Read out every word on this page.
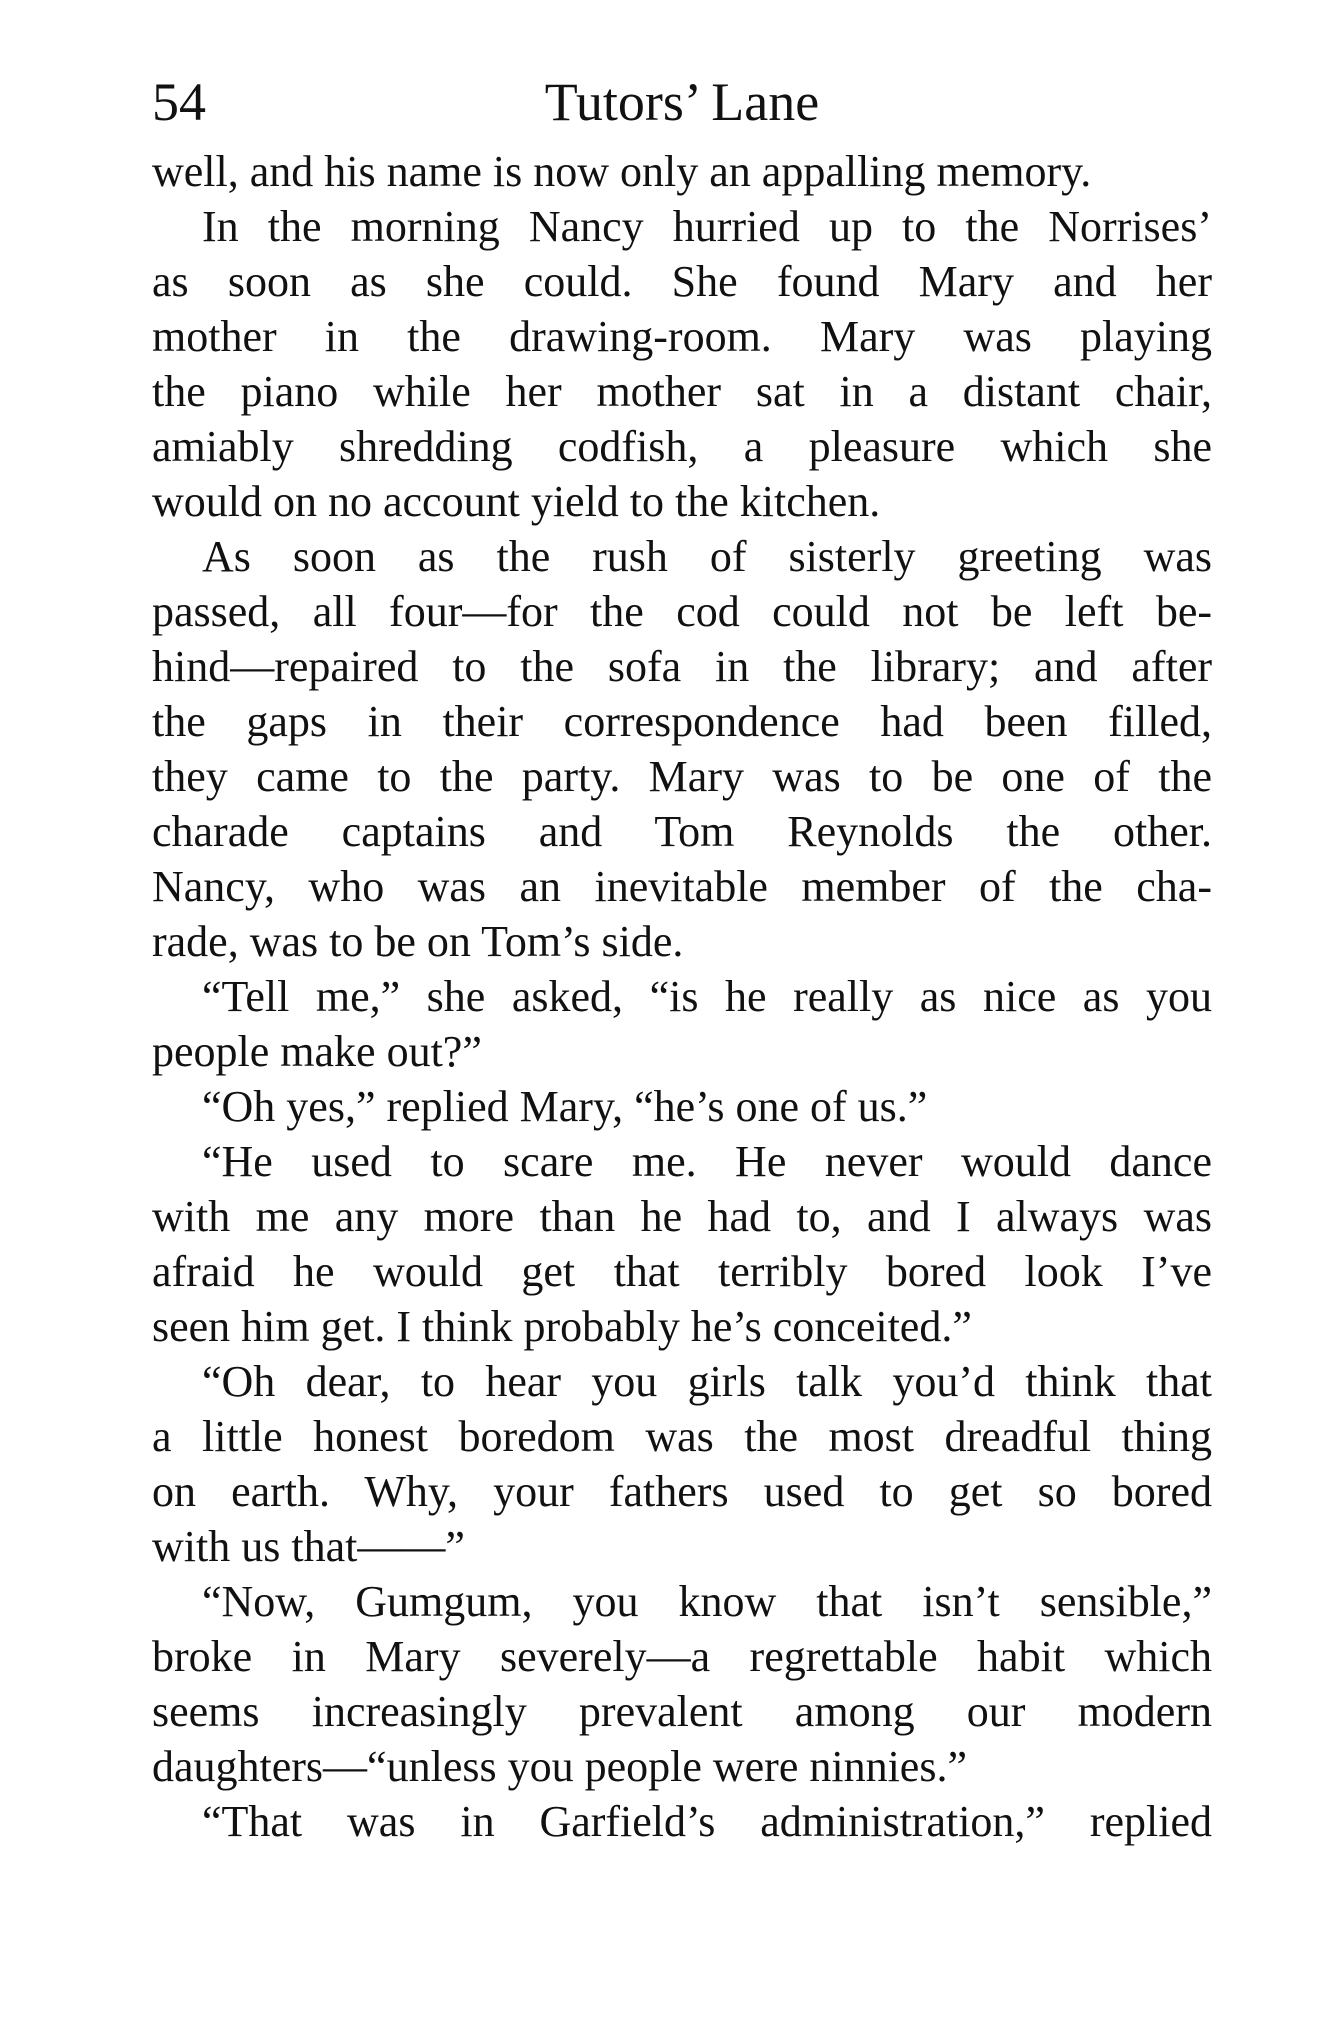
54	Tutors’ Lane
well, and his name is now only an appalling memory.
In the morning Nancy hurried up to the Norrises’
as soon as she could. She found Mary and her
mother in the drawing-room. Mary was playing
the piano while her mother sat in a distant chair,
amiably shredding codfish, a pleasure which she
would on no account yield to the kitchen.
As soon as the rush of sisterly greeting was
passed, all four—for the cod could not be left be-
hind—repaired to the sofa in the library; and after
the gaps in their correspondence had been filled,
they came to the party. Mary was to be one of the
charade captains and Tom Reynolds the other.
Nancy, who was an inevitable member of the cha-
rade, was to be on Tom’s side.
“Tell me,” she asked, “is he really as nice as you
people make out?”
“Oh yes,” replied Mary, “he’s one of us.”
“He used to scare me. He never would dance
with me any more than he had to, and I always was
afraid he would get that terribly bored look I’ve
seen him get. I think probably he’s conceited.”
“Oh dear, to hear you girls talk you’d think that
a little honest boredom was the most dreadful thing
on earth. Why, your fathers used to get so bored
with us that——”
“Now, Gumgum, you know that isn’t sensible,”
broke in Mary severely—a regrettable habit which
seems increasingly prevalent among our modern
daughters—“unless you people were ninnies.”
“That was in Garfield’s administration,” replied
